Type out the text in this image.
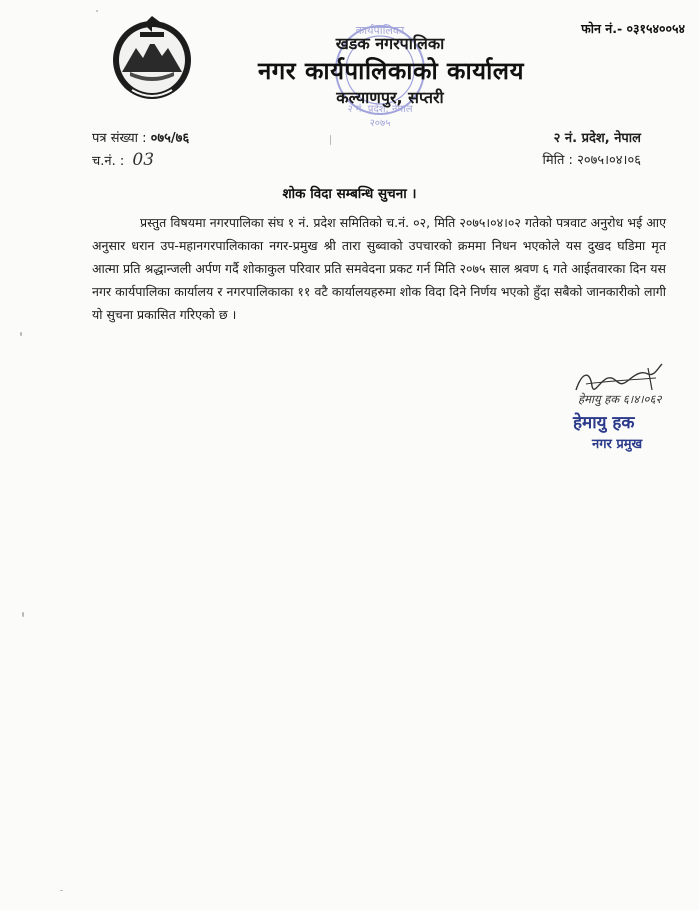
कार्यपालिका
२ नं. प्रदेश, नेपाल
२०७५
फोन नं.- ०३१५४००५४
खडक नगरपालिका
नगर कार्यपालिकाको कार्यालय
कल्याणपुर, सप्तरी
पत्र संख्या : ०७५/७६
च.नं. : 03
२ नं. प्रदेश, नेपाल
मिति : २०७५।०४।०६
शोक विदा सम्बन्धि सुचना ।
प्रस्तुत विषयमा नगरपालिका संघ १ नं. प्रदेश समितिको च.नं. ०२, मिति २०७५।०४।०२ गतेको पत्रवाट अनुरोध भई आए अनुसार धरान उप-महानगरपालिकाका नगर-प्रमुख श्री तारा सुब्वाको उपचारको क्रममा निधन भएकोले यस दुखद घडिमा मृत आत्मा प्रति श्रद्धान्जली अर्पण गर्दै शोकाकुल परिवार प्रति समवेदना प्रकट गर्न मिति २०७५ साल श्रवण ६ गते आईतवारका दिन यस नगर कार्यपालिका कार्यालय र नगरपालिकाका ११ वटै कार्यालयहरुमा शोक विदा दिने निर्णय भएको हुँदा सबैको जानकारीको लागी यो सुचना प्रकासित गरिएको छ ।
हेमायु हक ६।४।०६२
हेमायु हक
नगर प्रमुख
